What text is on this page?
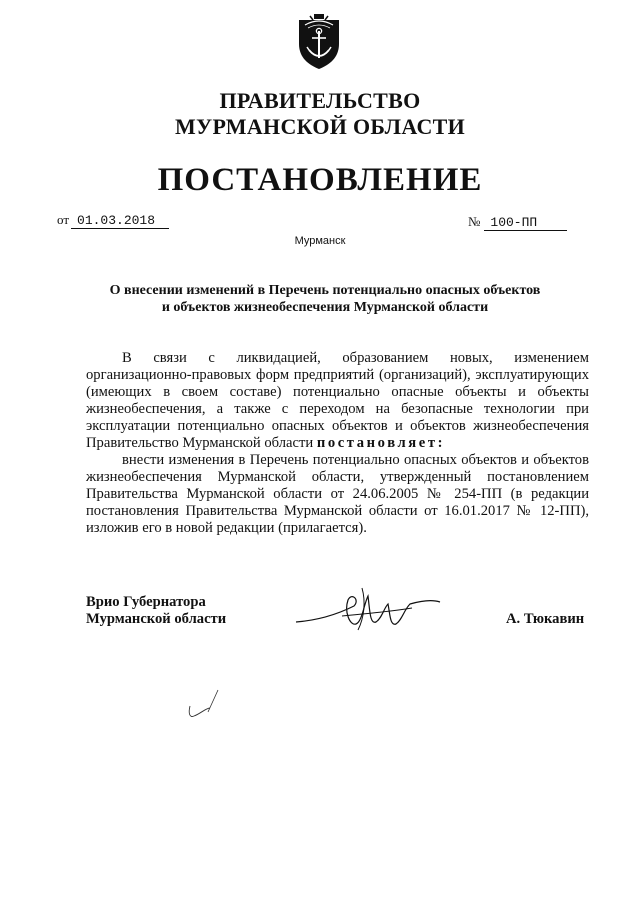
ПРАВИТЕЛЬСТВО
МУРМАНСКОЙ ОБЛАСТИ
ПОСТАНОВЛЕНИЕ
от 01.03.2018	№ 100-ПП
Мурманск
О внесении изменений в Перечень потенциально опасных объектов
и объектов жизнеобеспечения Мурманской области

В связи с ликвидацией, образованием новых, изменением организационно-правовых форм предприятий (организаций), эксплуатирующих (имеющих в своем составе) потенциально опасные объекты и объекты жизнеобеспечения, а также с переходом на безопасные технологии при эксплуатации потенциально опасных объектов и объектов жизнеобеспечения Правительство Мурманской области постановляет:

внести изменения в Перечень потенциально опасных объектов и объектов жизнеобеспечения Мурманской области, утвержденный постановлением Правительства Мурманской области от 24.06.2005 № 254-ПП (в редакции постановления Правительства Мурманской области от 16.01.2017 № 12-ПП), изложив его в новой редакции (прилагается).

Врио Губернатора
Мурманской области	А. Тюкавин
